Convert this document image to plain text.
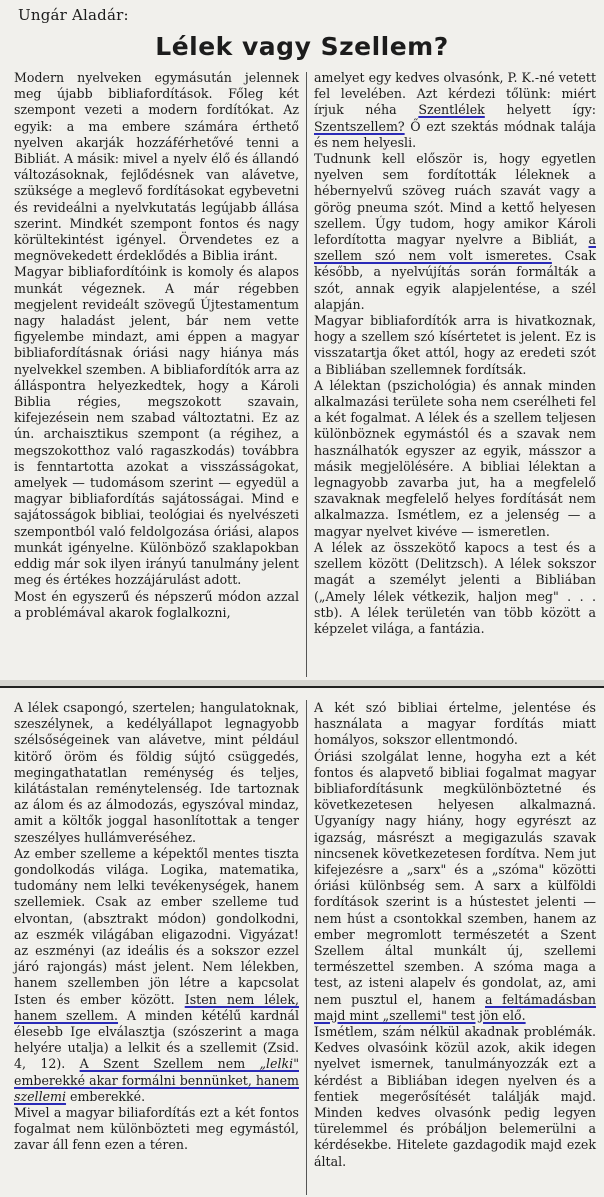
Ungár Aladár:
Lélek vagy Szellem?

Modern nyelveken egymásután jelennek meg újabb bibliafordítások. Főleg két szempont vezeti a modern fordítókat. Az egyik: a ma embere számára érthető nyelven akarják hozzáférhetővé tenni a Bibliát. A másik: mivel a nyelv élő és állandó változásoknak, fejlődésnek van alávetve, szüksége a meglevő fordításokat egybevetni és revideálni a nyelvkutatás legújabb állása szerint. Mindkét szempont fontos és nagy körültekintést igényel. Örvendetes ez a megnövekedett érdeklődés a Biblia iránt.

Magyar bibliafordítóink is komoly és alapos munkát végeznek. A már régebben megjelent revideált szövegű Újtestamentum nagy haladást jelent, bár nem vette figyelembe mindazt, ami éppen a magyar bibliafordításnak óriási nagy hiánya más nyelvekkel szemben. A bibliafordítók arra az álláspontra helyezkedtek, hogy a Károli Biblia régies, megszokott szavain, kifejezésein nem szabad változtatni. Ez az ún. archaisztikus szempont (a régihez, a megszokotthoz való ragaszkodás) továbbra is fenntartotta azokat a visszásságokat, amelyek — tudomásom szerint — egyedül a magyar bibliafordítás sajátosságai. Mind e sajátosságok bibliai, teológiai és nyelvészeti szempontból való feldolgozása óriási, alapos munkát igényelne. Különböző szaklapokban eddig már sok ilyen irányú tanulmány jelent meg és értékes hozzájárulást adott.

Most én egyszerű és népszerű módon azzal a problémával akarok foglalkozni,

amelyet egy kedves olvasónk, P. K.-né vetett fel levelében. Azt kérdezi tőlünk: miért írjuk néha Szentlélek helyett így: Szentszellem? Ő ezt szektás módnak talája és nem helyesli.

Tudnunk kell először is, hogy egyetlen nyelven sem fordították léleknek a hébernyelvű szöveg ruách szavát vagy a görög pneuma szót. Mind a kettő helyesen szellem. Úgy tudom, hogy amikor Károli lefordította magyar nyelvre a Bibliát, a szellem szó nem volt ismeretes. Csak később, a nyelvújítás során formálták a szót, annak egyik alapjelentése, a szél alapján.

Magyar bibliafordítók arra is hivatkoznak, hogy a szellem szó kísértetet is jelent. Ez is visszatartja őket attól, hogy az eredeti szót a Bibliában szellemnek fordítsák.

A lélektan (pszichológia) és annak minden alkalmazási területe soha nem cserélheti fel a két fogalmat. A lélek és a szellem teljesen különböznek egymástól és a szavak nem használhatók egyszer az egyik, másszor a másik megjelölésére. A bibliai lélektan a legnagyobb zavarba jut, ha a megfelelő szavaknak megfelelő helyes fordítását nem alkalmazza. Ismétlem, ez a jelenség — a magyar nyelvet kivéve — ismeretlen.

A lélek az összekötő kapocs a test és a szellem között (Delitzsch). A lélek sokszor magát a személyt jelenti a Bibliában („Amely lélek vétkezik, haljon meg" . . . stb). A lélek területén van több között a képzelet világa, a fantázia.

A lélek csapongó, szertelen; hangulatoknak, szeszélynek, a kedélyállapot legnagyobb szélsőségeinek van alávetve, mint például kitörő öröm és földig sújtó csüggedés, megingathatatlan reménység és teljes, kilátástalan reménytelenség. Ide tartoznak az álom és az álmodozás, egyszóval mindaz, amit a költők joggal hasonlítottak a tenger szeszélyes hullámveréséhez.

Az ember szelleme a képektől mentes tiszta gondolkodás világa. Logika, matematika, tudomány nem lelki tevékenységek, hanem szellemiek. Csak az ember szelleme tud elvontan, (absztrakt módon) gondolkodni, az eszmék világában eligazodni. Vigyázat! az eszményi (az ideális és a sokszor ezzel járó rajongás) mást jelent. Nem lélekben, hanem szellemben jön létre a kapcsolat Isten és ember között. Isten nem lélek, hanem szellem. A minden kétélű kardnál élesebb Ige elválasztja (szószerint a maga helyére utalja) a lelkit és a szellemit (Zsid. 4, 12). A Szent Szellem nem „lelki" emberekké akar formálni bennünket, hanem szellemi emberekké.

Mivel a magyar biliafordítás ezt a két fontos fogalmat nem különbözteti meg egymástól, zavar áll fenn ezen a téren.

A két szó bibliai értelme, jelentése és használata a magyar fordítás miatt homályos, sokszor ellentmondó.

Óriási szolgálat lenne, hogyha ezt a két fontos és alapvető bibliai fogalmat magyar bibliafordításunk megkülönböztetné és következetesen helyesen alkalmazná. Ugyanígy nagy hiány, hogy egyrészt az igazság, másrészt a megigazulás szavak nincsenek következetesen fordítva. Nem jut kifejezésre a „sarx" és a „szóma" közötti óriási különbség sem. A sarx a külföldi fordítások szerint is a hústestet jelenti — nem húst a csontokkal szemben, hanem az ember megromlott természetét a Szent Szellem által munkált új, szellemi természettel szemben. A szóma maga a test, az isteni alapelv és gondolat, az, ami nem pusztul el, hanem a feltámadásban majd mint „szellemi" test jön elő.

Ismétlem, szám nélkül akadnak problémák. Kedves olvasóink közül azok, akik idegen nyelvet ismernek, tanulmányozzák ezt a kérdést a Bibliában idegen nyelven és a fentiek megerősítését találják majd. Minden kedves olvasónk pedig legyen türelemmel és próbáljon belemerülni a kérdésekbe. Hitelete gazdagodik majd ezek által.
